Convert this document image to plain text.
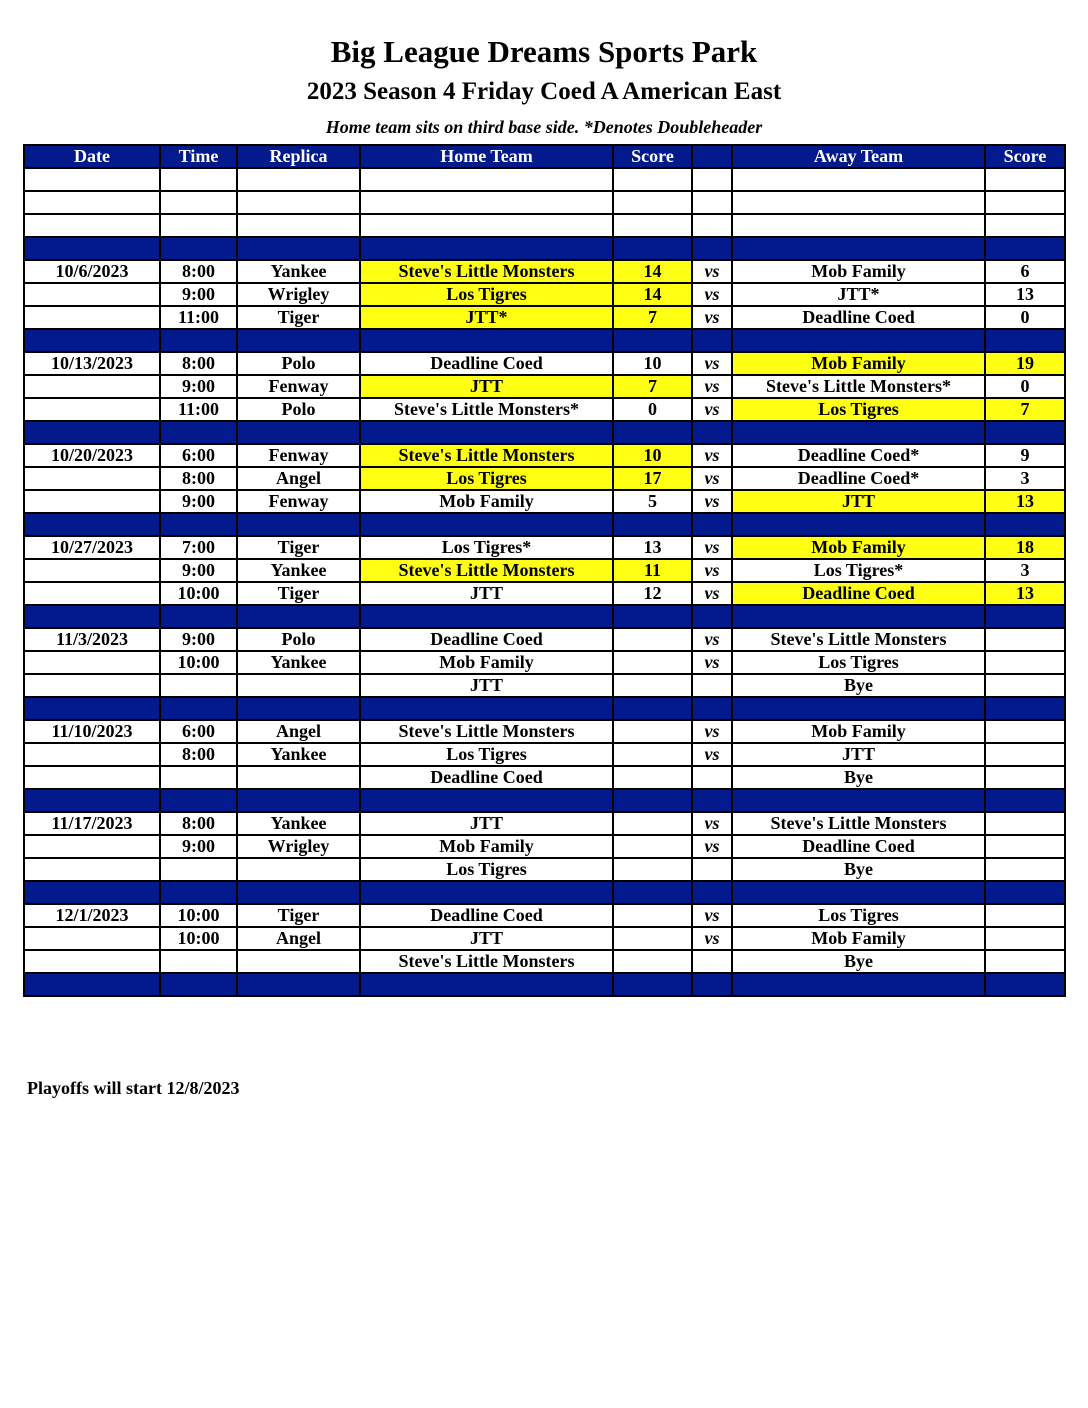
Big League Dreams Sports Park
2023 Season 4 Friday Coed A American East
Home team sits on third base side. *Denotes Doubleheader
Date	Time	Replica	Home Team	Score		Away Team	Score

10/6/2023	8:00	Yankee	Steve's Little Monsters	14	vs	Mob Family	6
	9:00	Wrigley	Los Tigres	14	vs	JTT*	13
	11:00	Tiger	JTT*	7	vs	Deadline Coed	0

10/13/2023	8:00	Polo	Deadline Coed	10	vs	Mob Family	19
	9:00	Fenway	JTT	7	vs	Steve's Little Monsters*	0
	11:00	Polo	Steve's Little Monsters*	0	vs	Los Tigres	7

10/20/2023	6:00	Fenway	Steve's Little Monsters	10	vs	Deadline Coed*	9
	8:00	Angel	Los Tigres	17	vs	Deadline Coed*	3
	9:00	Fenway	Mob Family	5	vs	JTT	13

10/27/2023	7:00	Tiger	Los Tigres*	13	vs	Mob Family	18
	9:00	Yankee	Steve's Little Monsters	11	vs	Los Tigres*	3
	10:00	Tiger	JTT	12	vs	Deadline Coed	13

11/3/2023	9:00	Polo	Deadline Coed		vs	Steve's Little Monsters	
	10:00	Yankee	Mob Family		vs	Los Tigres	
			JTT			Bye	

11/10/2023	6:00	Angel	Steve's Little Monsters		vs	Mob Family	
	8:00	Yankee	Los Tigres		vs	JTT	
			Deadline Coed			Bye	

11/17/2023	8:00	Yankee	JTT		vs	Steve's Little Monsters	
	9:00	Wrigley	Mob Family		vs	Deadline Coed	
			Los Tigres			Bye	

12/1/2023	10:00	Tiger	Deadline Coed		vs	Los Tigres	
	10:00	Angel	JTT		vs	Mob Family	
			Steve's Little Monsters			Bye	

Playoffs will start 12/8/2023
